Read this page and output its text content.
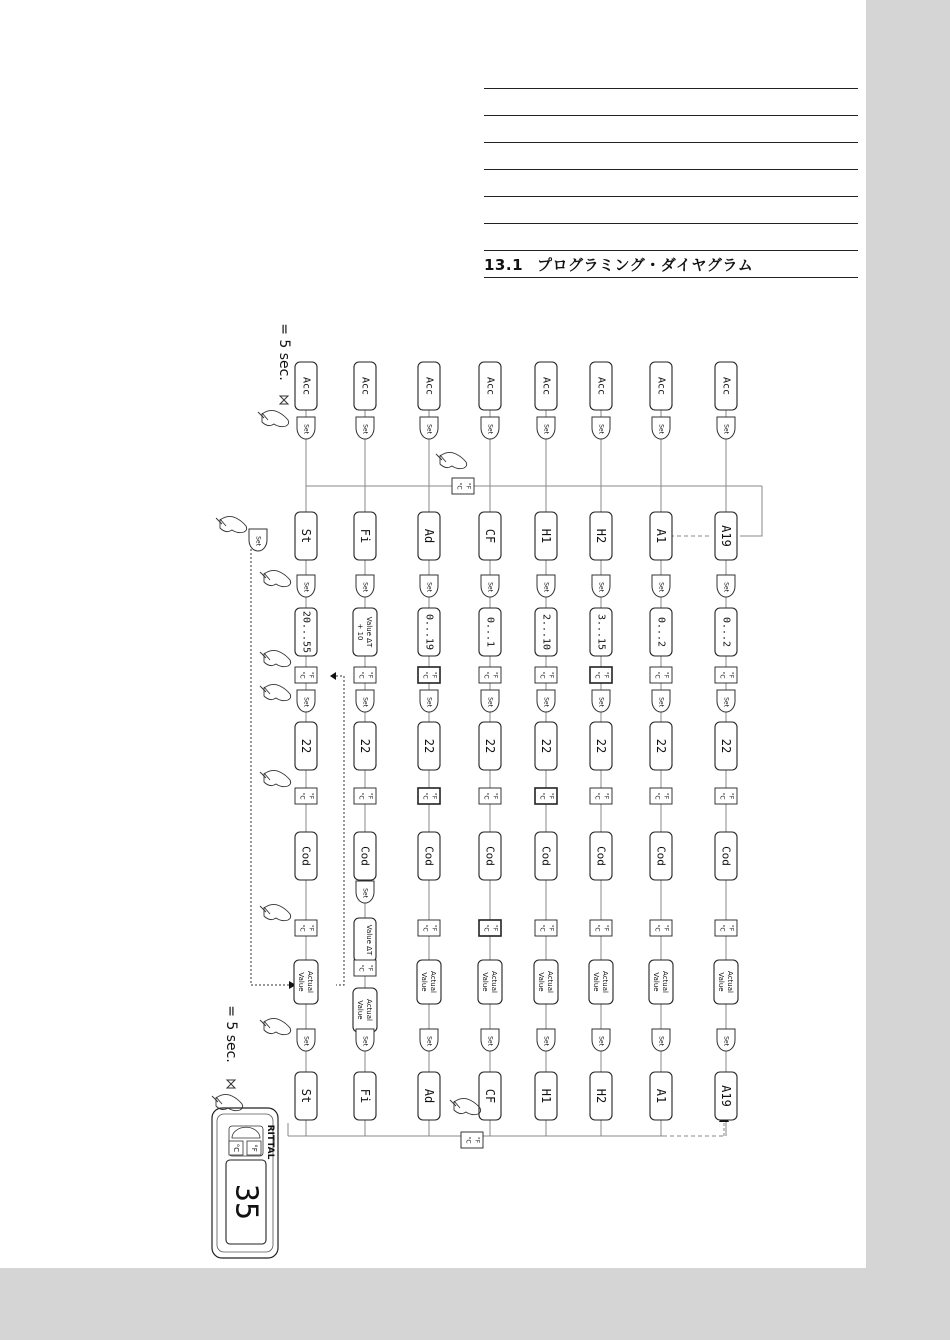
13.1 プログラミング・ダイヤグラム
Acc
Set
St
Set
20...55
°C °F
Set
22
°C °F
Cod
°C °F
Actual
Value
Set
St
Acc
Set
Fi
Set
Value ΔT
+ 10
°C °F
Set
22
°C °F
Cod
Set
Value ΔT
°C °F
Actual
Value
Set
Fi
Acc
Set
Ad
Set
0...19
°C °F
Set
22
°C °F
Cod
°C °F
Actual
Value
Set
Ad
Acc
Set
CF
Set
0...1
°C °F
Set
22
°C °F
Cod
°C °F
Actual
Value
Set
CF
Acc
Set
H1
Set
2...10
°C °F
Set
22
°C °F
Cod
°C °F
Actual
Value
Set
H1
Acc
Set
H2
Set
3...15
°C °F
Set
22
°C °F
Cod
°C °F
Actual
Value
Set
H2
Acc
Set
A1
Set
0...2
°C °F
Set
22
°C °F
Cod
°C °F
Actual
Value
Set
A1
Acc
Set
A19
Set
0...2
°C °F
Set
22
°C °F
Cod
°C °F
Actual
Value
Set
A19
°C °F
°C °F
Set
= 5 sec.
= 5 sec.
35
°C °F RITTAL
